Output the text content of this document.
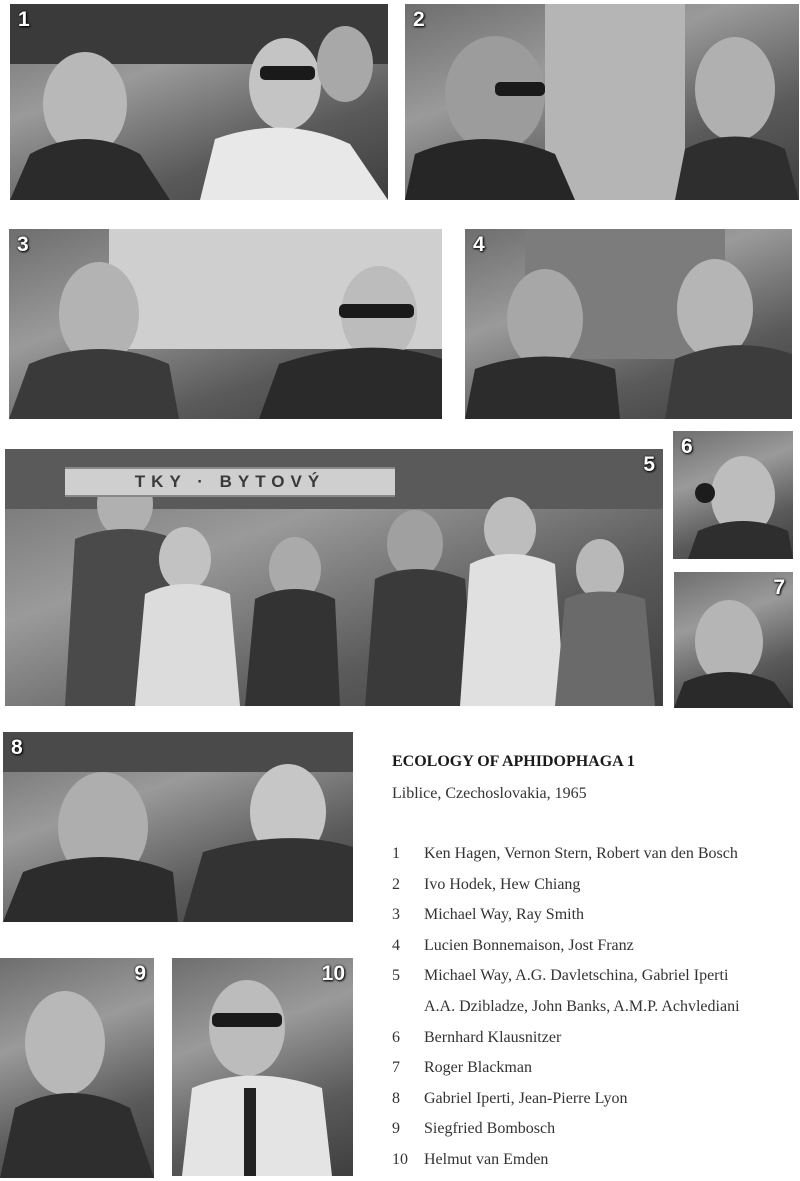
1	2
3	4
TKY · BYTOVÝ
5
6
7
8
9	10
ECOLOGY OF APHIDOPHAGA 1
Liblice, Czechoslovakia, 1965
1	Ken Hagen, Vernon Stern, Robert van den Bosch
2	Ivo Hodek, Hew Chiang
3	Michael Way, Ray Smith
4	Lucien Bonnemaison, Jost Franz
5	Michael Way, A.G. Davletschina, Gabriel Iperti
A.A. Dzibladze, John Banks, A.M.P. Achvlediani
6	Bernhard Klausnitzer
7	Roger Blackman
8	Gabriel Iperti, Jean-Pierre Lyon
9	Siegfried Bombosch
10	Helmut van Emden
